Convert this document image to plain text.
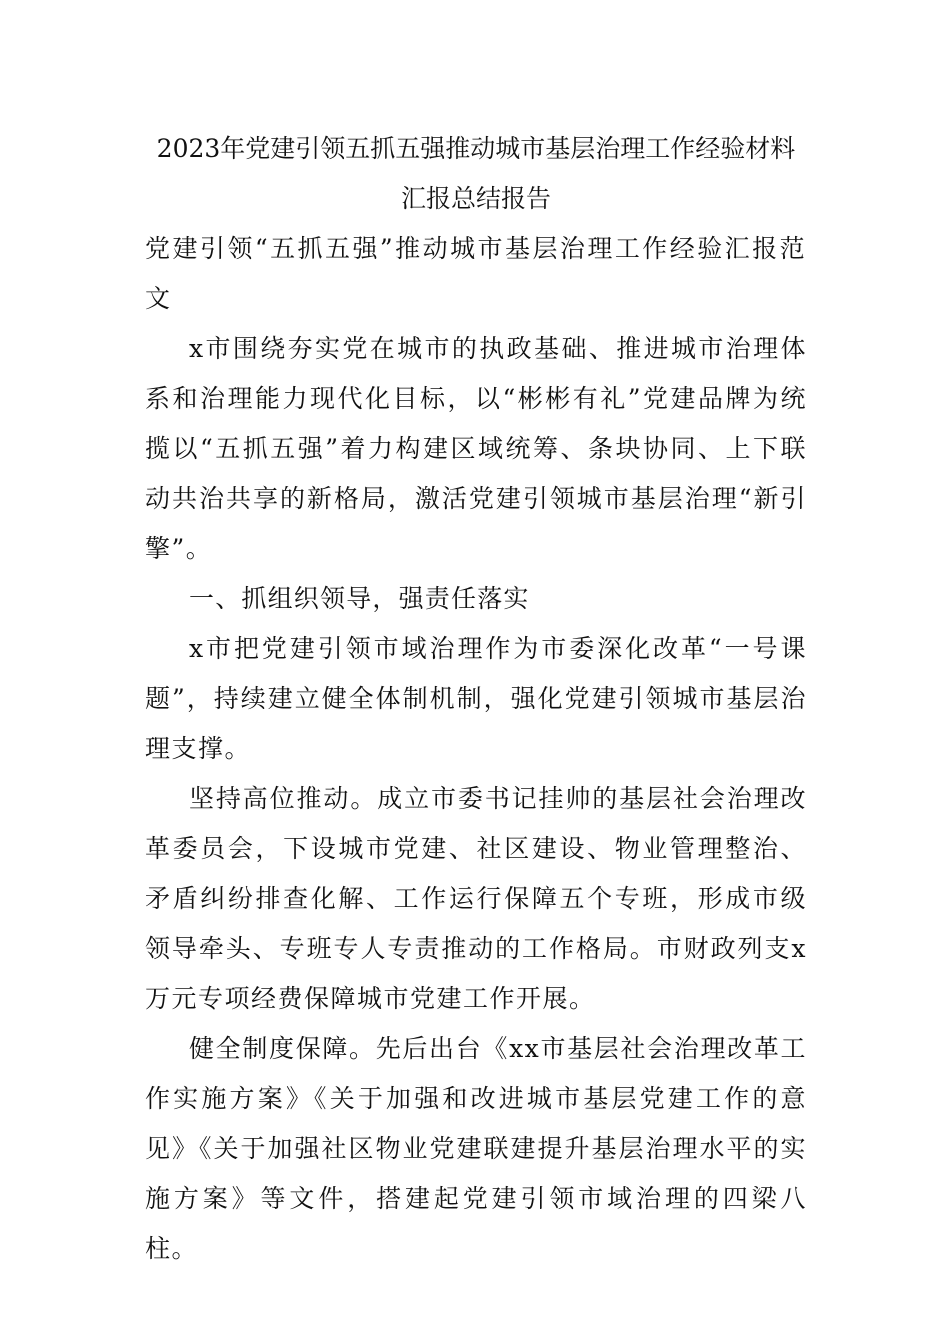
2023年党建引领五抓五强推动城市基层治理工作经验材料
汇报总结报告

党建引领“五抓五强”推动城市基层治理工作经验汇报范文

x市围绕夯实党在城市的执政基础、推进城市治理体系和治理能力现代化目标，以“彬彬有礼”党建品牌为统揽以“五抓五强”着力构建区域统筹、条块协同、上下联动共治共享的新格局，激活党建引领城市基层治理“新引擎”。

一、抓组织领导，强责任落实

x市把党建引领市域治理作为市委深化改革“一号课题”，持续建立健全体制机制，强化党建引领城市基层治理支撑。

坚持高位推动。成立市委书记挂帅的基层社会治理改革委员会，下设城市党建、社区建设、物业管理整治、矛盾纠纷排查化解、工作运行保障五个专班，形成市级领导牵头、专班专人专责推动的工作格局。市财政列支x万元专项经费保障城市党建工作开展。

健全制度保障。先后出台《xx市基层社会治理改革工作实施方案》《关于加强和改进城市基层党建工作的意见》《关于加强社区物业党建联建提升基层治理水平的实施方案》等文件，搭建起党建引领市域治理的四梁八柱。
